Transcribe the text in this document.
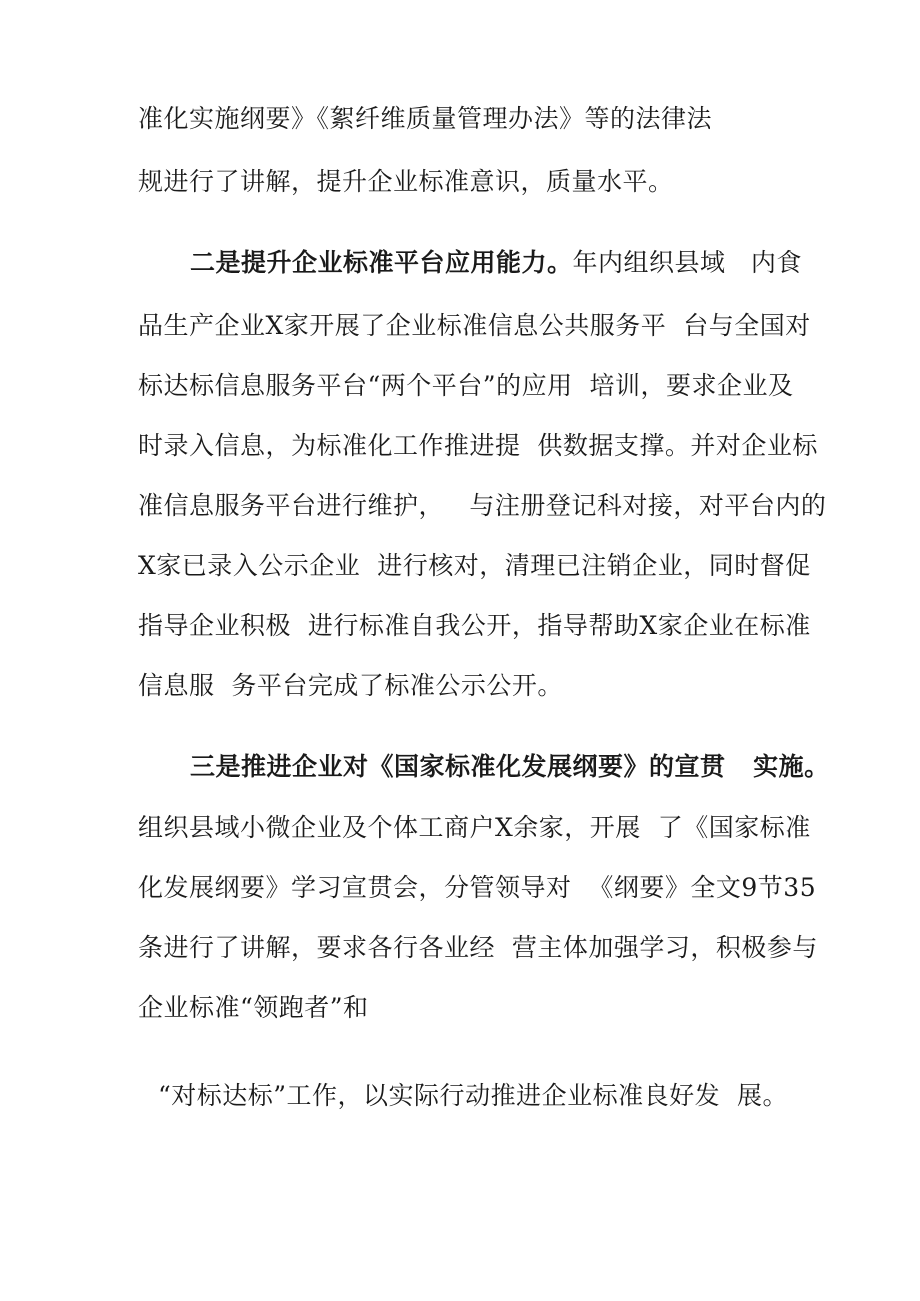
准化实施纲要》《絮纤维质量管理办法》等的法律法
规进行了讲解，提升企业标准意识，质量水平。
二是提升企业标准平台应用能力。年内组织县域   内食
品生产企业X家开展了企业标准信息公共服务平  台与全国对
标达标信息服务平台“两个平台”的应用  培训，要求企业及
时录入信息，为标准化工作推进提  供数据支撑。并对企业标
准信息服务平台进行维护，   与注册登记科对接，对平台内的
X家已录入公示企业  进行核对，清理已注销企业，同时督促
指导企业积极  进行标准自我公开，指导帮助X家企业在标准
信息服  务平台完成了标准公示公开。
三是推进企业对《国家标准化发展纲要》的宣贯   实施。
组织县域小微企业及个体工商户X余家，开展  了《国家标准
化发展纲要》学习宣贯会，分管领导对  《纲要》全文9节35
条进行了讲解，要求各行各业经  营主体加强学习，积极参与
企业标准“领跑者”和
“对标达标”工作，以实际行动推进企业标准良好发  展。
